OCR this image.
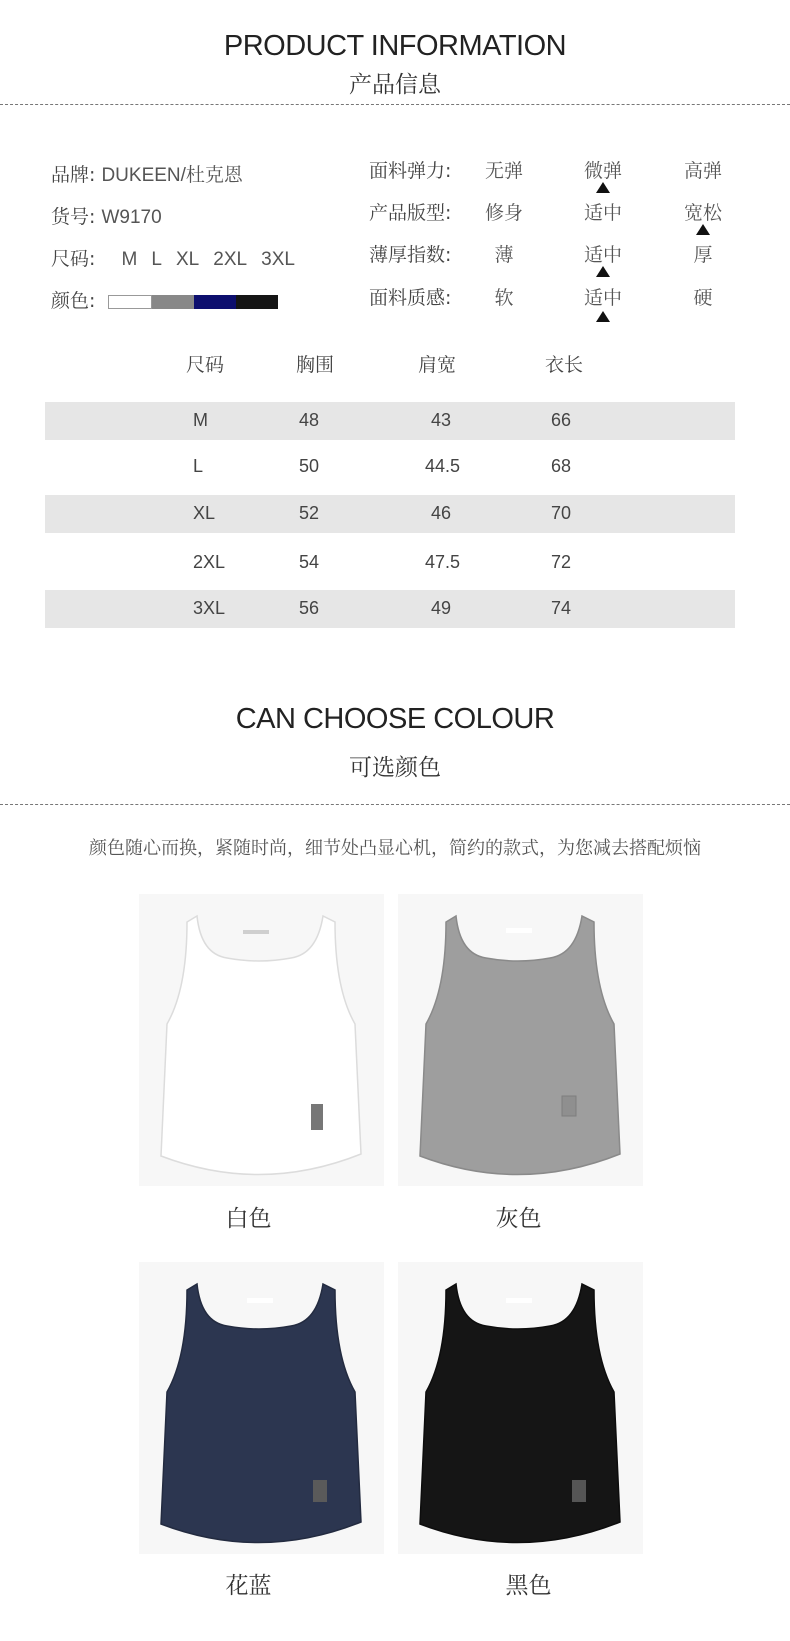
PRODUCT INFORMATION
产品信息
品牌: DUKEEN/杜克恩
货号: W9170
尺码: M L XL 2XL 3XL
颜色:
面料弹力:	无弹	微弹	高弹
产品版型:	修身	适中	宽松
薄厚指数:	薄	适中	厚
面料质感:	软	适中	硬
尺码	胸围	肩宽	衣长
M	48	43	66
L	50	44.5	68
XL	52	46	70
2XL	54	47.5	72
3XL	56	49	74
CAN CHOOSE COLOUR
可选颜色
颜色随心而换，紧随时尚，细节处凸显心机，简约的款式，为您减去搭配烦恼
白色	灰色
花蓝	黑色
